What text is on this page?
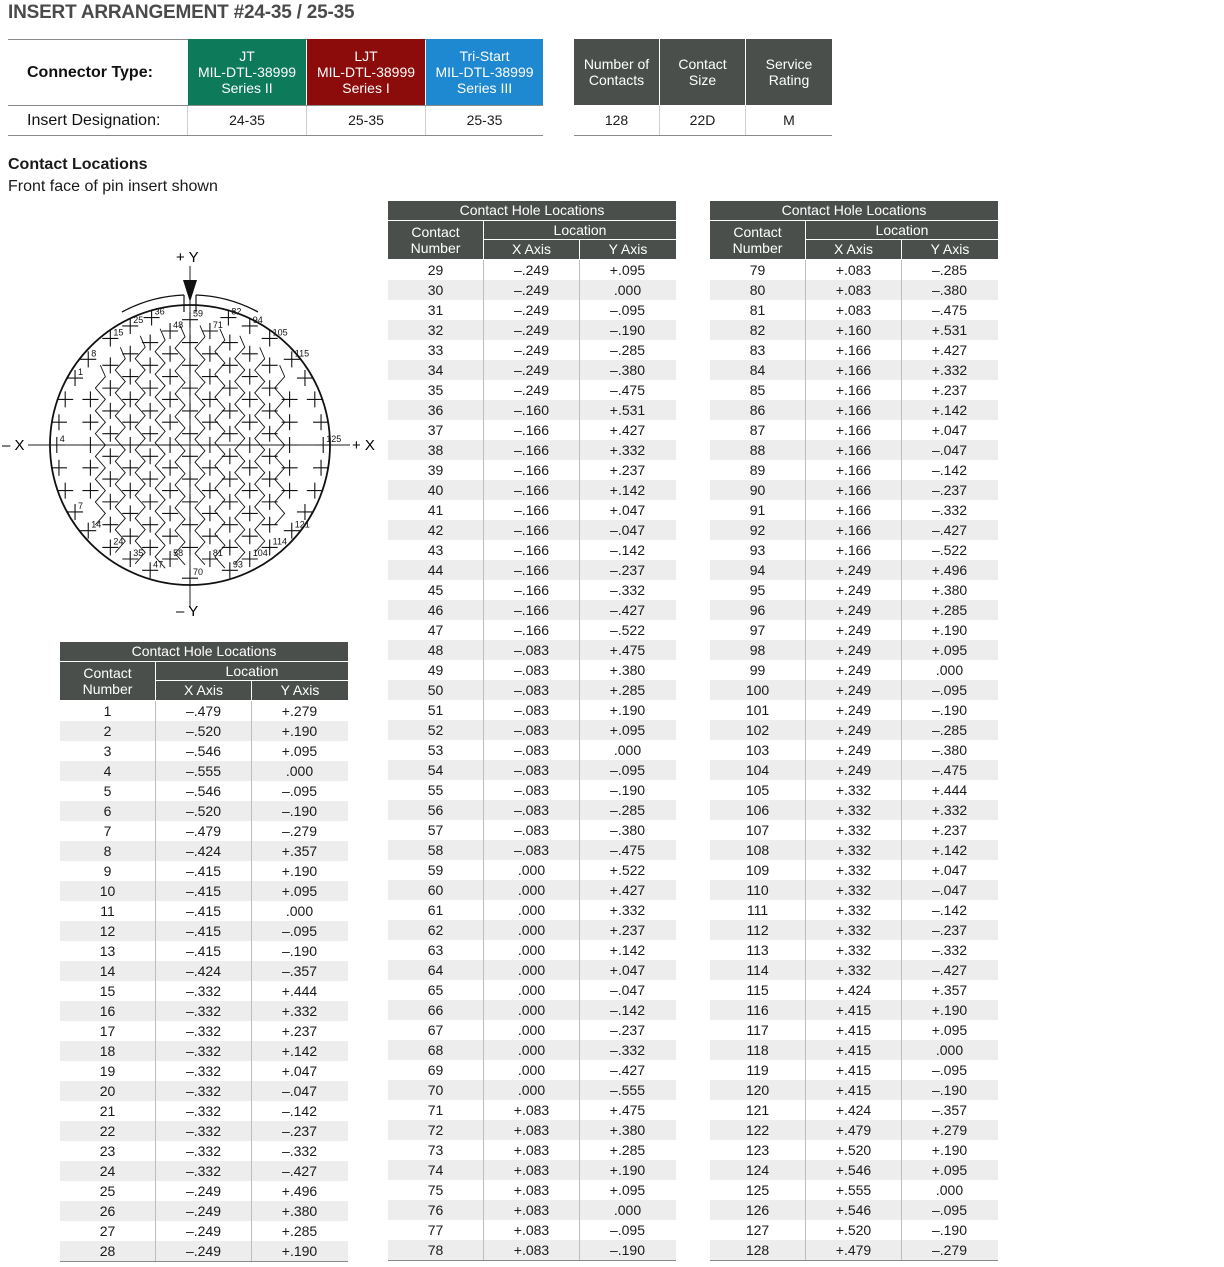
INSERT ARRANGEMENT #24-35 / 25-35
Connector Type:
JT
MIL-DTL-38999
Series II
LJT
MIL-DTL-38999
Series I
Tri-Start
MIL-DTL-38999
Series III
Insert Designation:	24-35	25-35	25-35
Number of
Contacts
Contact
Size
Service
Rating
128	22D	M
Contact Locations
Front face of pin insert shown
59
48	71
36
25
82
8
15
94
105
115
1
4	125
7
121
14
24
35
47
58
70
81
93
104
114
+ Y
– Y
+ X
– X
Contact Hole Locations
Contact
Number
Location
X Axis	Y Axis
1	–.479	+.279
2	–.520	+.190
3	–.546	+.095
4	–.555	.000
5	–.546	–.095
6	–.520	–.190
7	–.479	–.279
8	–.424	+.357
9	–.415	+.190
10	–.415	+.095
11	–.415	.000
12	–.415	–.095
13	–.415	–.190
14	–.424	–.357
15	–.332	+.444
16	–.332	+.332
17	–.332	+.237
18	–.332	+.142
19	–.332	+.047
20	–.332	–.047
21	–.332	–.142
22	–.332	–.237
23	–.332	–.332
24	–.332	–.427
25	–.249	+.496
26	–.249	+.380
27	–.249	+.285
28	–.249	+.190
Contact Hole Locations
Contact
Number
Location
X Axis	Y Axis
29	–.249	+.095
30	–.249	.000
31	–.249	–.095
32	–.249	–.190
33	–.249	–.285
34	–.249	–.380
35	–.249	–.475
36	–.160	+.531
37	–.166	+.427
38	–.166	+.332
39	–.166	+.237
40	–.166	+.142
41	–.166	+.047
42	–.166	–.047
43	–.166	–.142
44	–.166	–.237
45	–.166	–.332
46	–.166	–.427
47	–.166	–.522
48	–.083	+.475
49	–.083	+.380
50	–.083	+.285
51	–.083	+.190
52	–.083	+.095
53	–.083	.000
54	–.083	–.095
55	–.083	–.190
56	–.083	–.285
57	–.083	–.380
58	–.083	–.475
59	.000	+.522
60	.000	+.427
61	.000	+.332
62	.000	+.237
63	.000	+.142
64	.000	+.047
65	.000	–.047
66	.000	–.142
67	.000	–.237
68	.000	–.332
69	.000	–.427
70	.000	–.555
71	+.083	+.475
72	+.083	+.380
73	+.083	+.285
74	+.083	+.190
75	+.083	+.095
76	+.083	.000
77	+.083	–.095
78	+.083	–.190
Contact Hole Locations
Contact
Number
Location
X Axis	Y Axis
79	+.083	–.285
80	+.083	–.380
81	+.083	–.475
82	+.160	+.531
83	+.166	+.427
84	+.166	+.332
85	+.166	+.237
86	+.166	+.142
87	+.166	+.047
88	+.166	–.047
89	+.166	–.142
90	+.166	–.237
91	+.166	–.332
92	+.166	–.427
93	+.166	–.522
94	+.249	+.496
95	+.249	+.380
96	+.249	+.285
97	+.249	+.190
98	+.249	+.095
99	+.249	.000
100	+.249	–.095
101	+.249	–.190
102	+.249	–.285
103	+.249	–.380
104	+.249	–.475
105	+.332	+.444
106	+.332	+.332
107	+.332	+.237
108	+.332	+.142
109	+.332	+.047
110	+.332	–.047
111	+.332	–.142
112	+.332	–.237
113	+.332	–.332
114	+.332	–.427
115	+.424	+.357
116	+.415	+.190
117	+.415	+.095
118	+.415	.000
119	+.415	–.095
120	+.415	–.190
121	+.424	–.357
122	+.479	+.279
123	+.520	+.190
124	+.546	+.095
125	+.555	.000
126	+.546	–.095
127	+.520	–.190
128	+.479	–.279
